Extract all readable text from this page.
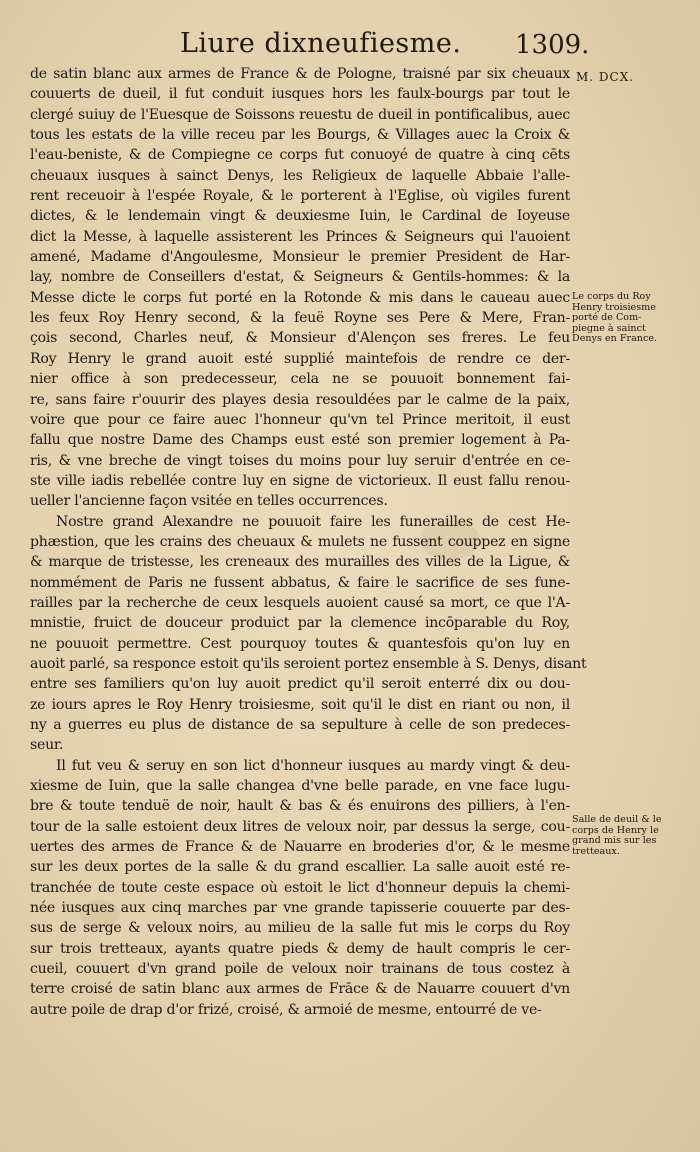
Liure dixneufiesme. 1309.
M. DCX.
de satin blanc aux armes de France & de Pologne, traisné par six cheuaux
couuerts de dueil, il fut conduit iusques hors les faulx-bourgs par tout le
clergé suiuy de l'Euesque de Soissons reuestu de dueil in pontificalibus, auec
tous les estats de la ville receu par les Bourgs, & Villages auec la Croix &
l'eau-beniste, & de Compiegne ce corps fut conuoyé de quatre à cinq cēts
cheuaux iusques à sainct Denys, les Religieux de laquelle Abbaie l'alle-
rent receuoir à l'espée Royale, & le porterent à l'Eglise, où vigiles furent
dictes, & le lendemain vingt & deuxiesme Iuin, le Cardinal de Ioyeuse
dict la Messe, à laquelle assisterent les Princes & Seigneurs qui l'auoient
amené, Madame d'Angoulesme, Monsieur le premier President de Har-
lay, nombre de Conseillers d'estat, & Seigneurs & Gentils-hommes: & la
Messe dicte le corps fut porté en la Rotonde & mis dans le caueau auec
les feux Roy Henry second, & la feuë Royne ses Pere & Mere, Fran-
çois second, Charles neuf, & Monsieur d'Alençon ses freres. Le feu
Roy Henry le grand auoit esté supplié maintefois de rendre ce der-
nier office à son predecesseur, cela ne se pouuoit bonnement fai-
re, sans faire r'ouurir des playes desia resouldées par le calme de la paix,
voire que pour ce faire auec l'honneur qu'vn tel Prince meritoit, il eust
fallu que nostre Dame des Champs eust esté son premier logement à Pa-
ris, & vne breche de vingt toises du moins pour luy seruir d'entrée en ce-
ste ville iadis rebellée contre luy en signe de victorieux. Il eust fallu renou-
ueller l'ancienne façon vsitée en telles occurrences.
Nostre grand Alexandre ne pouuoit faire les funerailles de cest He-
phæstion, que les crains des cheuaux & mulets ne fussent couppez en signe
& marque de tristesse, les creneaux des murailles des villes de la Ligue, &
nommément de Paris ne fussent abbatus, & faire le sacrifice de ses fune-
railles par la recherche de ceux lesquels auoient causé sa mort, ce que l'A-
mnistie, fruict de douceur produict par la clemence incōparable du Roy,
ne pouuoit permettre. Cest pourquoy toutes & quantesfois qu'on luy en
auoit parlé, sa responce estoit qu'ils seroient portez ensemble à S. Denys, disant
entre ses familiers qu'on luy auoit predict qu'il seroit enterré dix ou dou-
ze iours apres le Roy Henry troisiesme, soit qu'il le dist en riant ou non, il
ny a guerres eu plus de distance de sa sepulture à celle de son predeces-
seur.
Il fut veu & seruy en son lict d'honneur iusques au mardy vingt & deu-
xiesme de Iuin, que la salle changea d'vne belle parade, en vne face lugu-
bre & toute tenduë de noir, hault & bas & és enuirons des pilliers, à l'en-
tour de la salle estoient deux litres de veloux noir, par dessus la serge, cou-
uertes des armes de France & de Nauarre en broderies d'or, & le mesme
sur les deux portes de la salle & du grand escallier. La salle auoit esté re-
tranchée de toute ceste espace où estoit le lict d'honneur depuis la chemi-
née iusques aux cinq marches par vne grande tapisserie couuerte par des-
sus de serge & veloux noirs, au milieu de la salle fut mis le corps du Roy
sur trois tretteaux, ayants quatre pieds & demy de hault compris le cer-
cueil, couuert d'vn grand poile de veloux noir trainans de tous costez à
terre croisé de satin blanc aux armes de Frāce & de Nauarre couuert d'vn
autre poile de drap d'or frizé, croisé, & armoié de mesme, entourré de ve-
Le corps du Roy
Henry troisiesme
porté de Com-
piegne à sainct
Denys en France.
Salle de deuil & le
corps de Henry le
grand mis sur les
tretteaux.
